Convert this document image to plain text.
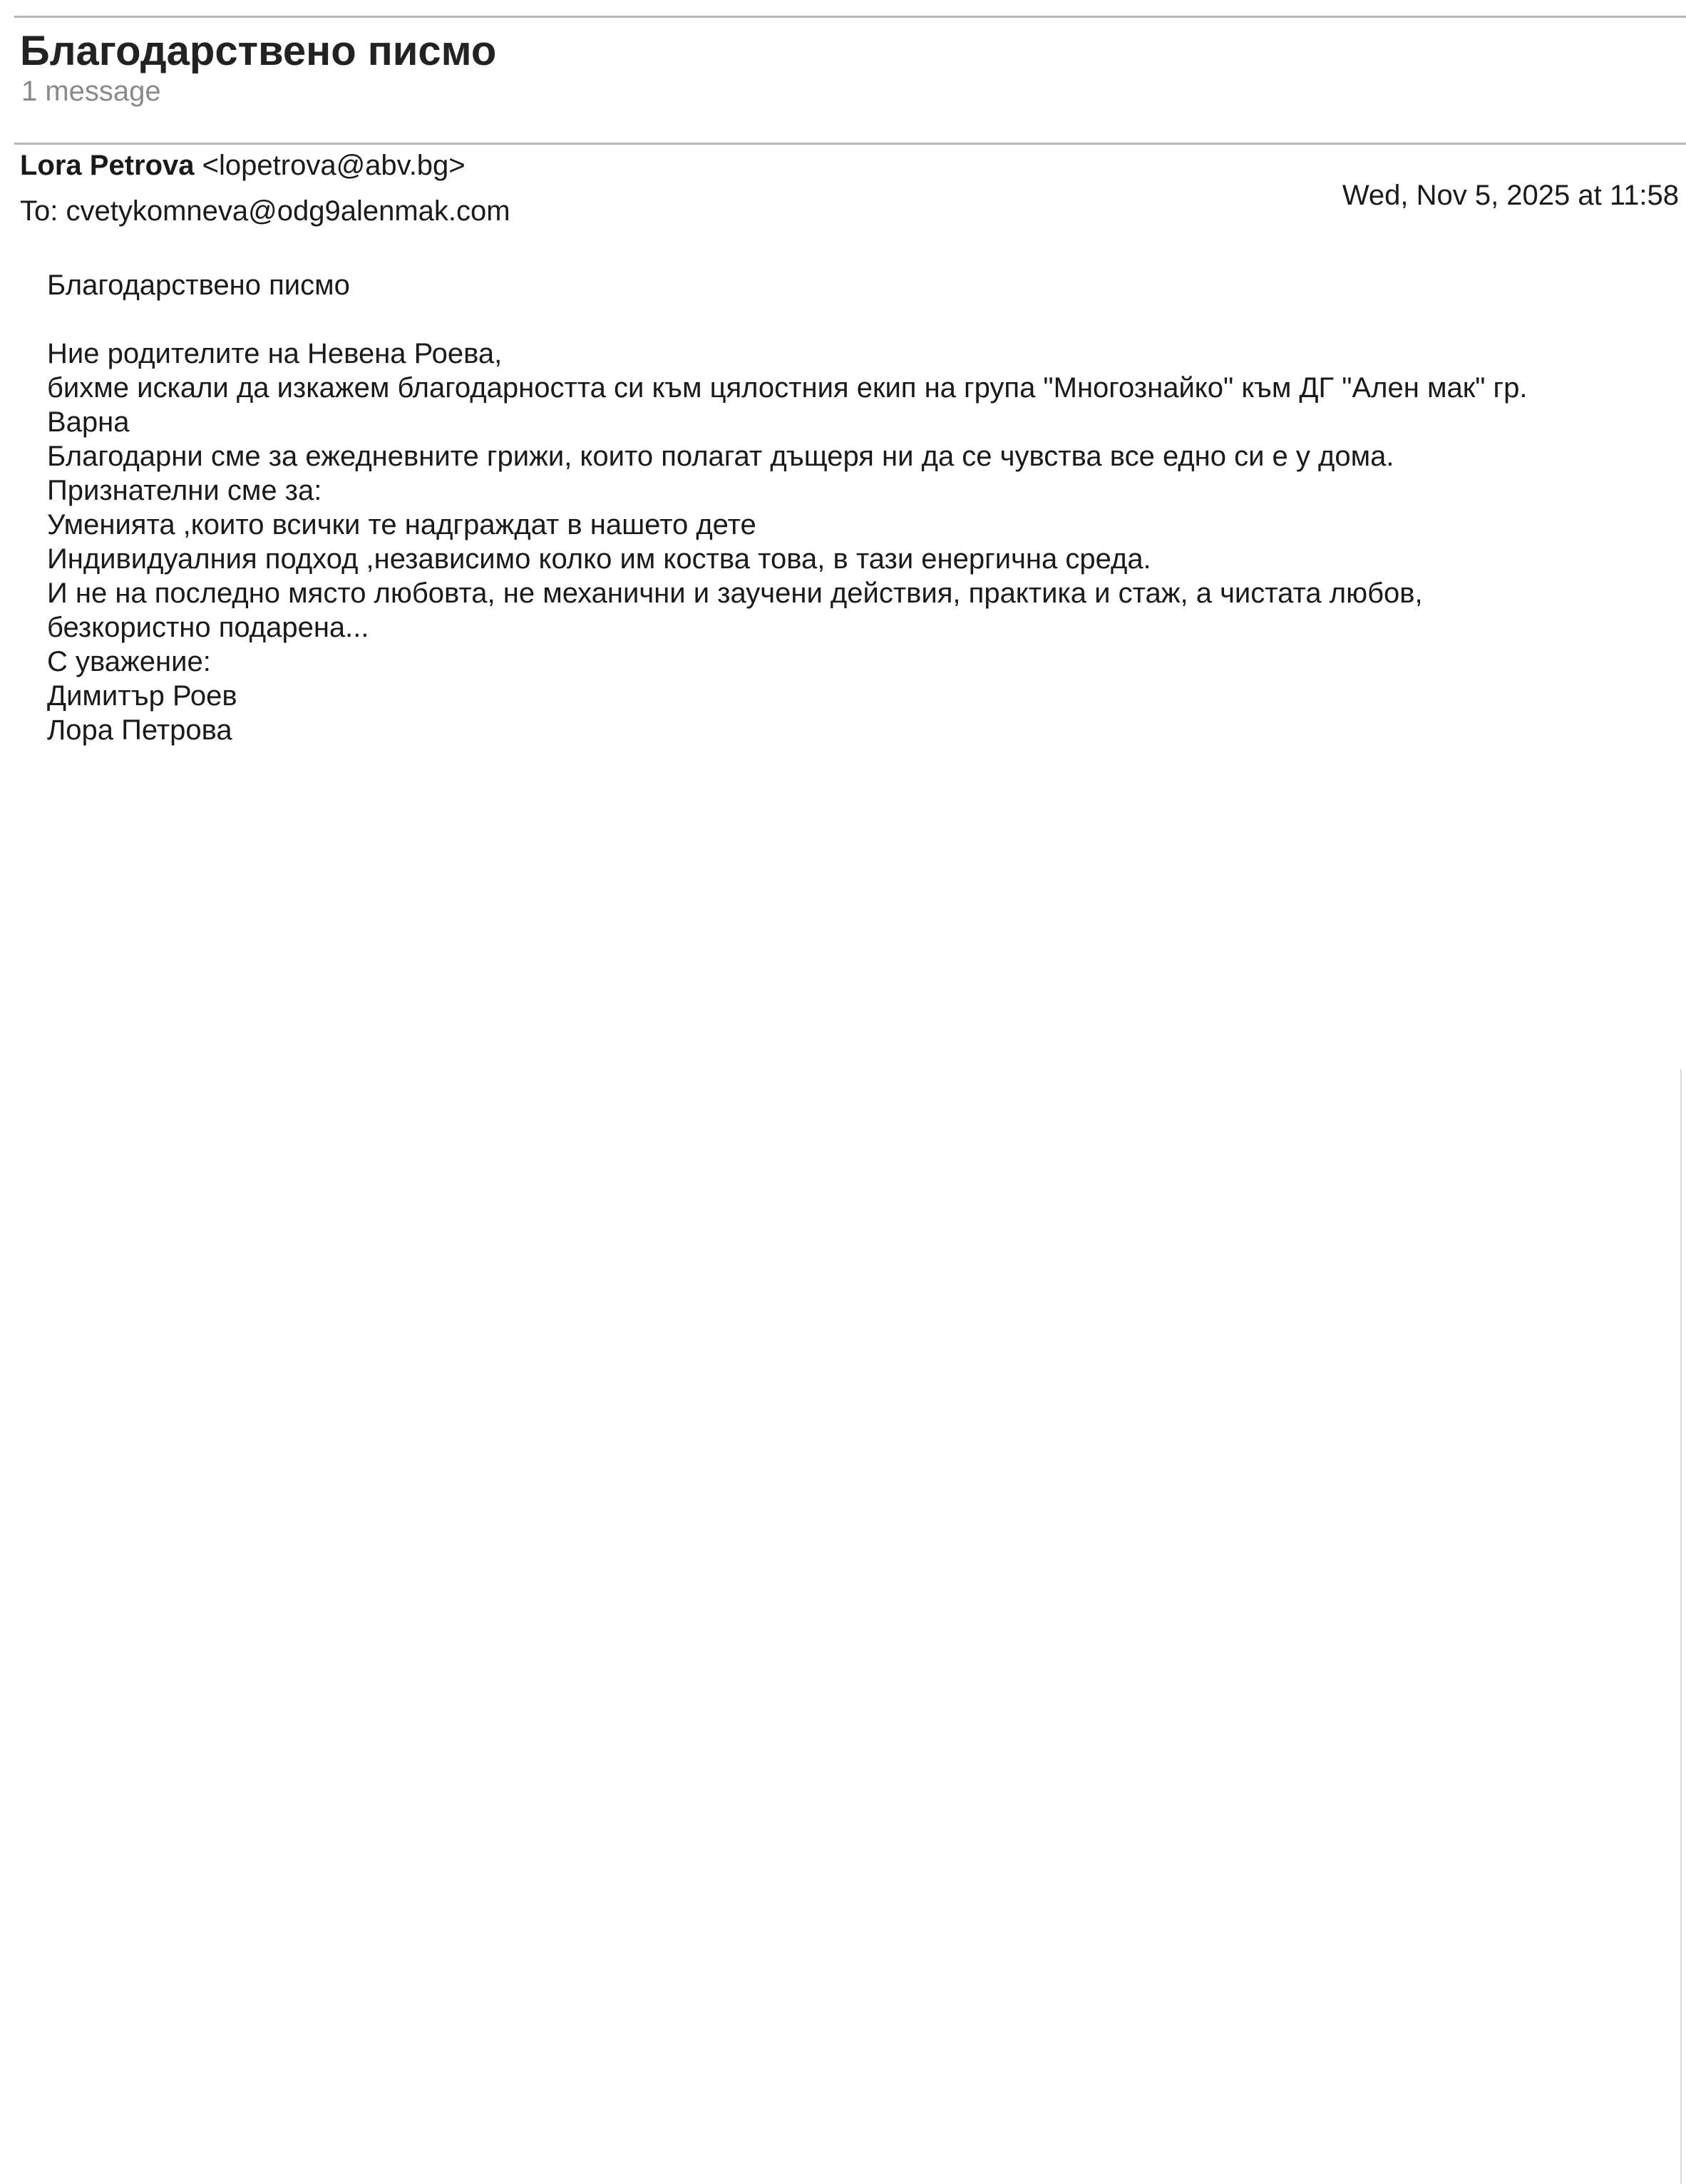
Благодарствено писмо
1 message
Lora Petrova <lopetrova@abv.bg>
To: cvetykomneva@odg9alenmak.com	Wed, Nov 5, 2025 at 11:58
Благодарствено писмо
Ние родителите на Невена Роева,
бихме искали да изкажем благодарността си към цялостния екип на група "Многознайко" към ДГ "Ален мак" гр.
Варна
Благодарни сме за ежедневните грижи, които полагат дъщеря ни да се чувства все едно си е у дома.
Признателни сме за:
Уменията ,които всички те надграждат в нашето дете
Индивидуалния подход ,независимо колко им коства това, в тази енергична среда.
И не на последно място любовта, не механични и заучени действия, практика и стаж, а чистата любов,
безкористно подарена...
С уважение:
Димитър Роев
Лора Петрова
